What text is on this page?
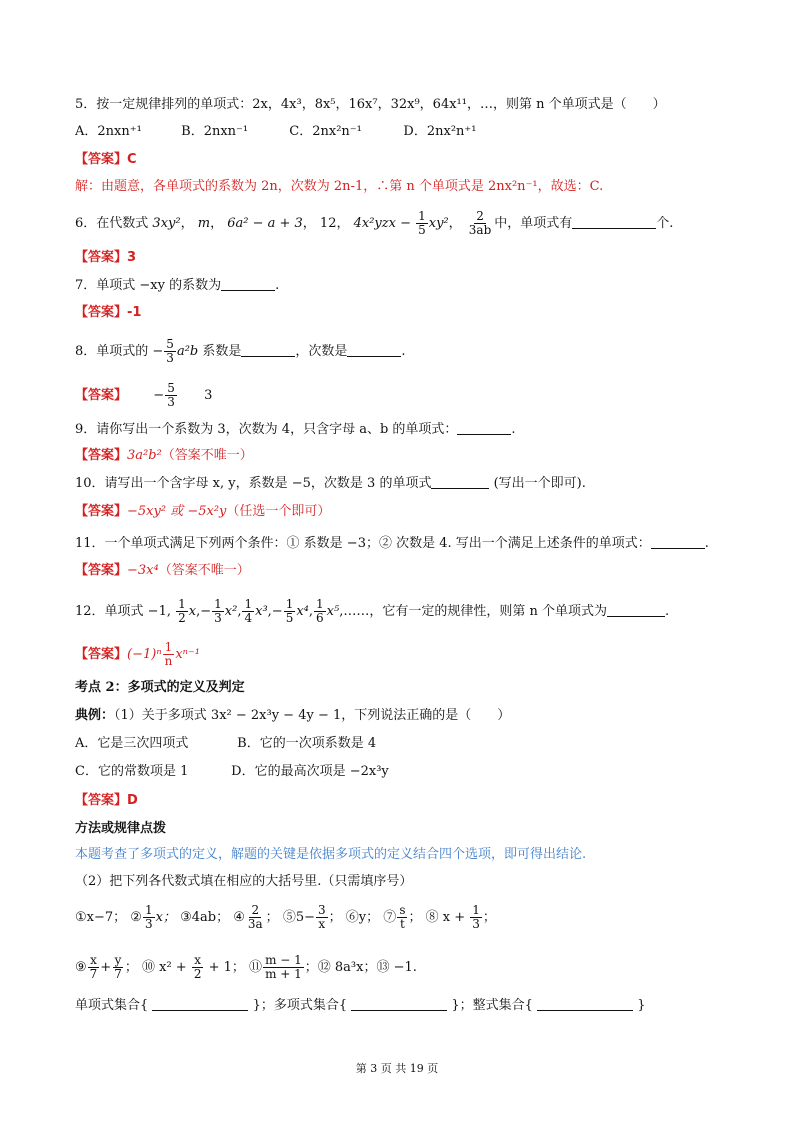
5．按一定规律排列的单项式：2x，4x³，8x⁵，16x⁷，32x⁹，64x¹¹，…，则第 n 个单项式是（　　）
A．2nxn⁺¹	B．2nxn⁻¹	C．2nx²n⁻¹	D．2nx²n⁺¹
【答案】C
解：由题意，各单项式的系数为 2n，次数为 2n-1，∴第 n 个单项式是 2nx²n⁻¹，故选：C.
6．在代数式 3xy²， m， 6a² − a + 3， 12， $4x^2yzx - \frac{1}{5} xy^2$， $\frac{2}{3ab}$ 中，单项式有	个.
【答案】3
7．单项式 −xy 的系数为	.
【答案】-1
8．单项式的 − $\frac{5}{3} a^2b$ 系数是	，次数是	.
【答案】 − $\frac{5}{3} 3$
9．请你写出一个系数为 3，次数为 4，只含字母 a、b 的单项式：	.
【答案】3a²b²（答案不唯一）
10．请写出一个含字母 x, y，系数是 −5，次数是 3 的单项式	(写出一个即可).
【答案】−5xy² 或 −5x²y（任选一个即可）
11．一个单项式满足下列两个条件：① 系数是 −3；② 次数是 4. 写出一个满足上述条件的单项式：	.
【答案】−3x⁴（答案不唯一）
12．单项式 −1, $\frac{1}{2} x,- \frac{1}{3} x^2$, $\frac{1}{4} x^3,- \frac{1}{5} x^4$, $\frac{1}{6}$ x⁵,……，它有一定的规律性，则第 n 个单项式为	.
【答案】$(-1)^n \frac{1}{n} x^{n-1}$
考点 2：多项式的定义及判定
典例：（1）关于多项式 3x² − 2x³y − 4y − 1，下列说法正确的是（　　）
A．它是三次四项式	B．它的一次项系数是 4
C．它的常数项是 1	D．它的最高次项是 −2x³y
【答案】D
方法或规律点拨
本题考查了多项式的定义，解题的关键是依据多项式的定义结合四个选项，即可得出结论.
（2）把下列各代数式填在相应的大括号里.（只需填序号）
①x−7； ② $\frac{1}{3}$ x； ③4ab； ④ $\frac{2}{3a}$ ； ⑤5− $\frac{3}{x}$ ； ⑥y； ⑦ $\frac{s}{t}$ ； ⑧ $x + \frac{1}{3}$ ；
⑨ $\frac{x}{7} + \frac{y}{7}$ ； ⑩ $x^2 + \frac{x}{2} + 1$； ⑪ $\frac{m - 1}{m + 1}$ ；⑫ 8a³x；⑬ −1.
单项式集合{	}；多项式集合{	}；整式集合{	}
第 3 页 共 19 页
